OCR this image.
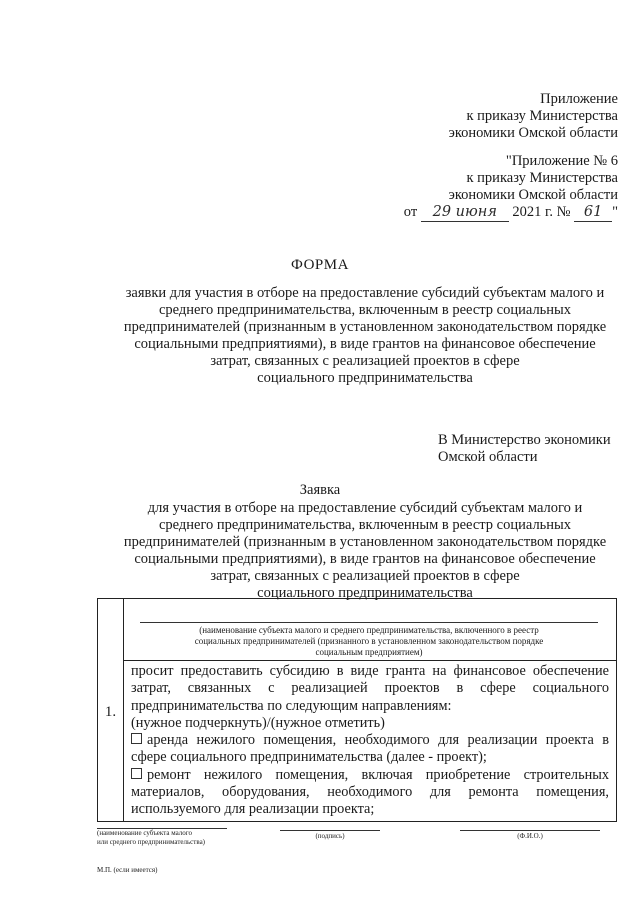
Приложение
к приказу Министерства
экономики Омской области
"Приложение № 6
к приказу Министерства
экономики Омской области
от 29 июня 2021 г. № 61 "
ФОРМА
заявки для участия в отборе на предоставление субсидий субъектам малого и
среднего предпринимательства, включенным в реестр социальных
предпринимателей (признанным в установленном законодательством порядке
социальными предприятиями), в виде грантов на финансовое обеспечение
затрат, связанных с реализацией проектов в сфере
социального предпринимательства
В Министерство экономики
Омской области
Заявка
для участия в отборе на предоставление субсидий субъектам малого и
среднего предпринимательства, включенным в реестр социальных
предпринимателей (признанным в установленном законодательством порядке
социальными предприятиями), в виде грантов на финансовое обеспечение
затрат, связанных с реализацией проектов в сфере
социального предпринимательства
1.
(наименование субъекта малого и среднего предпринимательства, включенного в реестр
социальных предпринимателей (признанного в установленном законодательством порядке
социальным предприятием)
просит предоставить субсидию в виде гранта на финансовое обеспечение затрат, связанных с реализацией проектов в сфере социального предпринимательства по следующим направлениям:
(нужное подчеркнуть)/(нужное отметить)
аренда нежилого помещения, необходимого для реализации проекта в сфере социального предпринимательства (далее - проект);
ремонт нежилого помещения, включая приобретение строительных материалов, оборудования, необходимого для ремонта помещения, используемого для реализации проекта;
(наименование субъекта малого
или среднего предпринимательства)
(подпись)	(Ф.И.О.)
М.П. (если имеется)
